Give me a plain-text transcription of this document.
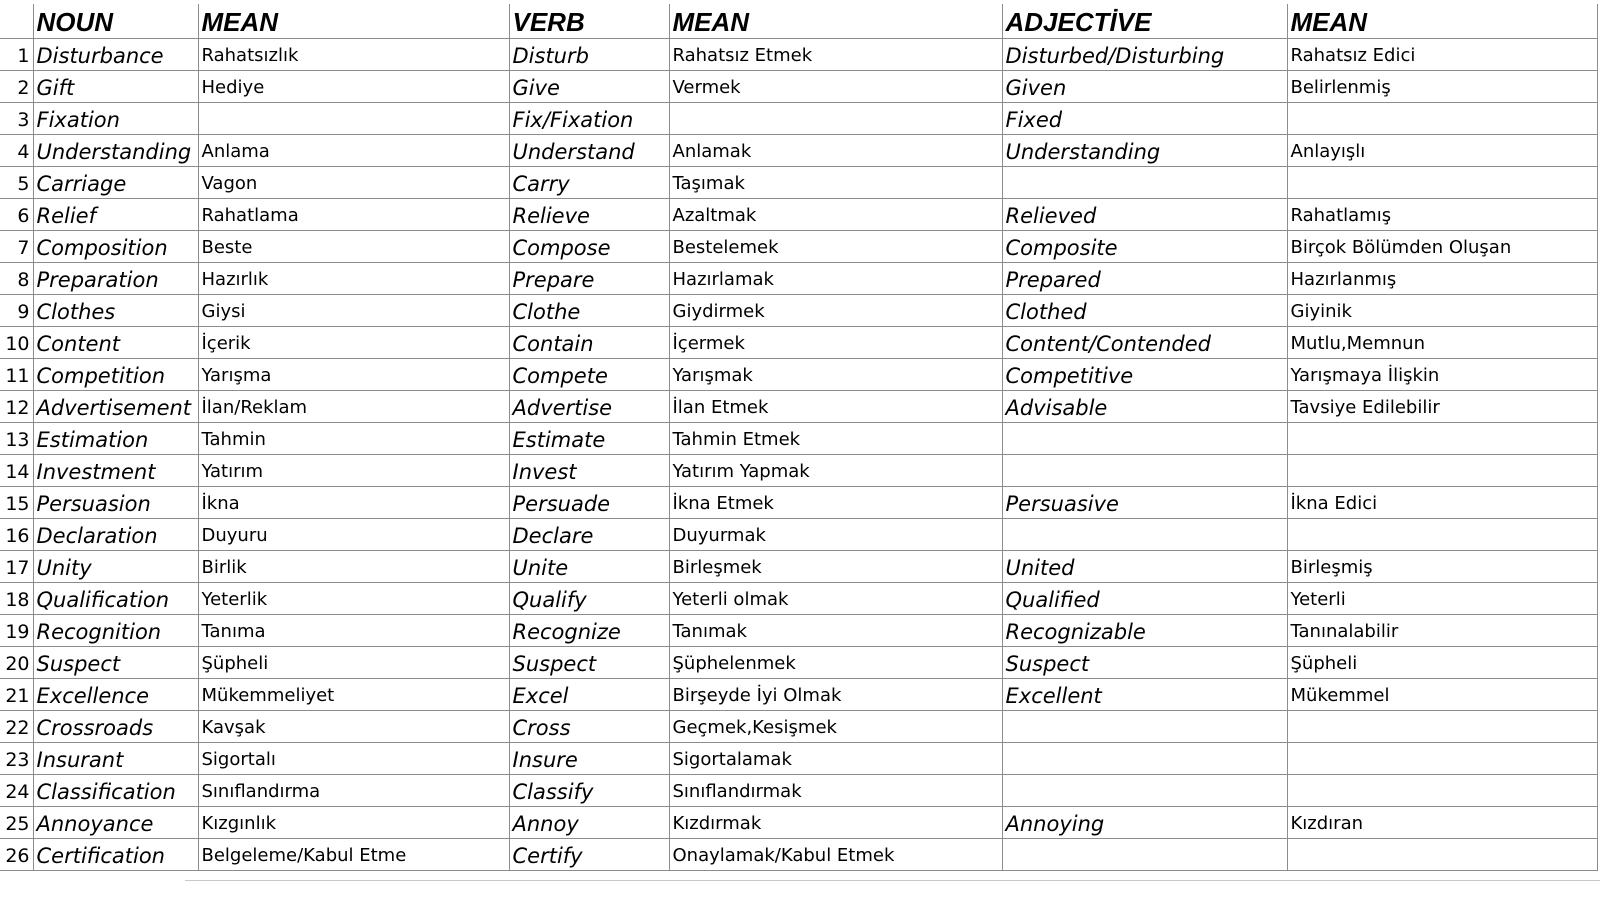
	NOUN	MEAN	VERB	MEAN	ADJECTİVE	MEAN
1	Disturbance	Rahatsızlık	Disturb	Rahatsız Etmek	Disturbed/Disturbing	Rahatsız Edici
2	Gift	Hediye	Give	Vermek	Given	Belirlenmiş
3	Fixation		Fix/Fixation		Fixed	
4	Understanding	Anlama	Understand	Anlamak	Understanding	Anlayışlı
5	Carriage	Vagon	Carry	Taşımak		
6	Relief	Rahatlama	Relieve	Azaltmak	Relieved	Rahatlamış
7	Composition	Beste	Compose	Bestelemek	Composite	Birçok Bölümden Oluşan
8	Preparation	Hazırlık	Prepare	Hazırlamak	Prepared	Hazırlanmış
9	Clothes	Giysi	Clothe	Giydirmek	Clothed	Giyinik
10	Content	İçerik	Contain	İçermek	Content/Contended	Mutlu,Memnun
11	Competition	Yarışma	Compete	Yarışmak	Competitive	Yarışmaya İlişkin
12	Advertisement	İlan/Reklam	Advertise	İlan Etmek	Advisable	Tavsiye Edilebilir
13	Estimation	Tahmin	Estimate	Tahmin Etmek		
14	Investment	Yatırım	Invest	Yatırım Yapmak		
15	Persuasion	İkna	Persuade	İkna Etmek	Persuasive	İkna Edici
16	Declaration	Duyuru	Declare	Duyurmak		
17	Unity	Birlik	Unite	Birleşmek	United	Birleşmiş
18	Qualification	Yeterlik	Qualify	Yeterli olmak	Qualified	Yeterli
19	Recognition	Tanıma	Recognize	Tanımak	Recognizable	Tanınalabilir
20	Suspect	Şüpheli	Suspect	Şüphelenmek	Suspect	Şüpheli
21	Excellence	Mükemmeliyet	Excel	Birşeyde İyi Olmak	Excellent	Mükemmel
22	Crossroads	Kavşak	Cross	Geçmek,Kesişmek		
23	Insurant	Sigortalı	Insure	Sigortalamak		
24	Classification	Sınıflandırma	Classify	Sınıflandırmak		
25	Annoyance	Kızgınlık	Annoy	Kızdırmak	Annoying	Kızdıran
26	Certification	Belgeleme/Kabul Etme	Certify	Onaylamak/Kabul Etmek		
